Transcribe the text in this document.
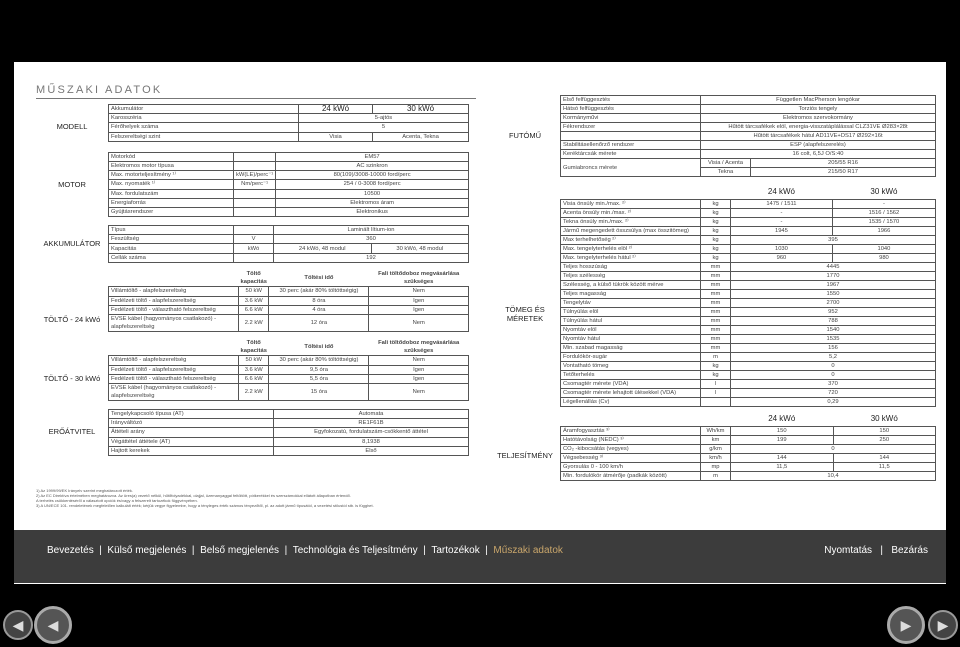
MŰSZAKI ADATOK
MODELL
Akkumulátor	24 kWó	30 kWó
Karosszéria	5-ajtós	
Férőhelyek száma	5	
Felszereltségi szint	Visia	Acenta, Tekna
MOTOR
Motorkód		EM57
Elektromos motor típusa		AC szinkron
Max. motorteljesítmény ¹⁾	kW(LE)/perc⁻¹	80(109)/3008-10000 ford/perc
Max. nyomaték ¹⁾	Nm/perc⁻¹	254 / 0-3008 ford/perc
Max. fordulatszám		10500
Energiaforrás		Elektromos áram
Gyújtásrendszer		Elektronikus
AKKUMULÁTOR
Típus		Laminált lítium-ion	
Feszültség	V	360	
Kapacitás	kWó	24 kWó, 48 modul	30 kWó, 48 modul
Cellák száma		192	
TÖLTŐ - 24 kWó
	Töltő kapacitás	Töltési idő	Fali töltődoboz megvásárlása szükséges
Villámtöltő - alapfelszereltség	50 kW	30 perc (akár 80% töltöttségig)	Nem
Fedélzeti töltő - alapfelszereltség	3.6 kW	8 óra	Igen
Fedélzeti töltő - választható felszereltség	6.6 kW	4 óra	Igen
EVSE kábel (hagyományos csatlakozó) - alapfelszereltség	2.2 kW	12 óra	Nem
TÖLTŐ - 30 kWó
	Töltő kapacitás	Töltési idő	Fali töltődoboz megvásárlása szükséges
Villámtöltő - alapfelszereltség	50 kW	30 perc (akár 80% töltöttségig)	Nem
Fedélzeti töltő - alapfelszereltség	3.6 kW	9,5 óra	Igen
Fedélzeti töltő - választható felszereltség	6.6 kW	5,5 óra	Igen
EVSE kábel (hagyományos csatlakozó) - alapfelszereltség	2.2 kW	15 óra	Nem
ERŐÁTVITEL
Tengelykapcsoló típusa (AT)	Automata
Irányváltózó	RE1F61B
Áttételi arány	Egyfokozatú, fordulatszám-csökkentő áttétel
Végáttétel áttétele (AT)	8,1938
Hajtott kerekek	Első
1) Az 1999/99/EK Irányelv szerint meghatározott érték.
2) Az EC Direktíva értelmében meghatározva. Az üres(a) vezető nélkül, hűtőfolyadékkal, olajjal, üzemanyaggal feltöltött, pótkerékkel és szerszámokkal ellátott állapotban értendő.
A terhelés csökkentéséről a választott opciók és/vagy a felszerelt tartozékok függvényében.
3) A UN/ECE 101. rendeletének megfelelően kalkulált érték; kérjük vegye figyelembe, hogy a tényleges érték számos tényezőtől, pl. az adott jármű típusától, a vezetési stílustól stb. is függhet.
FUTÓMŰ
Első felfüggesztés	Független MacPherson lengókar	
Hátsó felfüggesztés	Torziós tengely	
Kormányművi	Elektromos szervokormány	
Fékrendszer	Hűtött tárcsafékek elöl, energia-visszatáplálással CLZ31VE Ø283×28t	
	Hűtött tárcsafékek hátul AD11VE+DS17 Ø292×16t	
Stabilitásellenőrző rendszer	ESP (alapfelszerelés)	
Keréktárcsák mérete	16 colt, 6,5J O/S:40	
Gumiabroncs mérete	Visia / Acenta	205/55 R16
	Tekna	215/50 R17
TÖMEG ÉS MÉRETEK
		24 kWó	30 kWó
Visia önsúly min./max. ²⁾	kg	1475 / 1511	-
Acenta önsúly min./max. ²⁾	kg	-	1516 / 1562
Tekna önsúly min./max. ²⁾	kg	-	1535 / 1570
Jármű megengedett összsúlya (max összitömeg)	kg	1945	1966
Max terhelhetőség ²⁾	kg	395	
Max. tengelyterhelés elöl ²⁾	kg	1030	1040
Max. tengelyterhelés hátul ²⁾	kg	960	980
Teljes hosszúság	mm	4445	
Teljes szélesség	mm	1770	
Szélesség, a külső tükrök között mérve	mm	1967	
Teljes magasság	mm	1550	
Tengelytáv	mm	2700	
Túlnyúlás elöl	mm	952	
Túlnyúlás hátul	mm	788	
Nyomtáv elöl	mm	1540	
Nyomtáv hátul	mm	1535	
Min. szabad magasság	mm	156	
Fordulókör-sugár	m	5,2	
Vontatható tömeg	kg	0	
Tetőterhelés	kg	0	
Csomagtér mérete (VDA)	l	370	
Csomagtér mérete lehajtott ülésekkel (VDA)	l	720	
Légellenállás (Cv)		0,29	
TELJESÍTMÉNY
		24 kWó	30 kWó
Áramfogyasztás ³⁾	Wh/km	150	150
Hatótávolság (NEDC) ³⁾	km	199	250
CO₂ -kibocsátás (vegyes)	g/km	0	
Végsebesség ³⁾	km/h	144	144
Gyorsulás 0 - 100 km/h	mp	11,5	11,5
Min. fordulókör átmérője (padkák között)	m	10,4	
Bevezetés | Külső megjelenés | Belső megjelenés | Technológia és Teljesítmény | Tartozékok | Műszaki adatok	Nyomtatás   |   Bezárás
◀ ◀	▶ ▶
